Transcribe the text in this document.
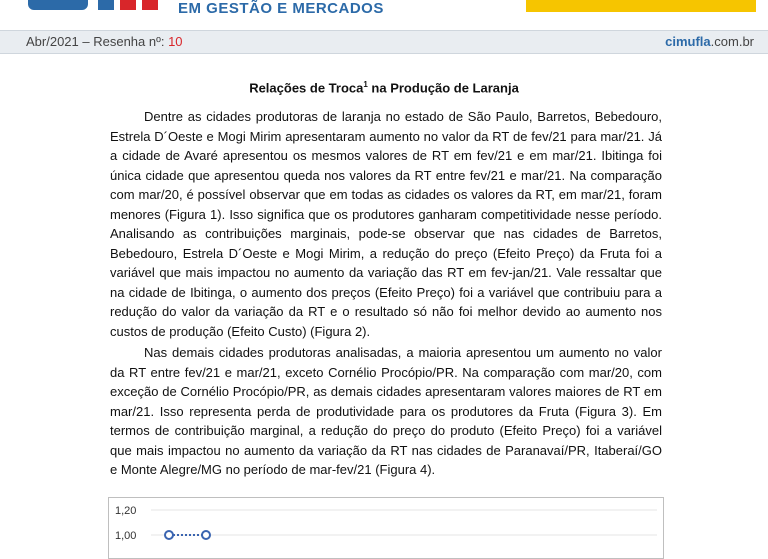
EM GESTÃO E MERCADOS
Abr/2021 – Resenha nº: 10	cimufla.com.br
Relações de Troca$^1$ na Produção de Laranja

Dentre as cidades produtoras de laranja no estado de São Paulo, Barretos, Bebedouro, Estrela D´Oeste e Mogi Mirim apresentaram aumento no valor da RT de fev/21 para mar/21. Já a cidade de Avaré apresentou os mesmos valores de RT em fev/21 e em mar/21. Ibitinga foi única cidade que apresentou queda nos valores da RT entre fev/21 e mar/21. Na comparação com mar/20, é possível observar que em todas as cidades os valores da RT, em mar/21, foram menores (Figura 1). Isso significa que os produtores ganharam competitividade nesse período. Analisando as contribuições marginais, pode-se observar que nas cidades de Barretos, Bebedouro, Estrela D´Oeste e Mogi Mirim, a redução do preço (Efeito Preço) da Fruta foi a variável que mais impactou no aumento da variação das RT em fev-jan/21. Vale ressaltar que na cidade de Ibitinga, o aumento dos preços (Efeito Preço) foi a variável que contribuiu para a redução do valor da variação da RT e o resultado só não foi melhor devido ao aumento nos custos de produção (Efeito Custo) (Figura 2).

Nas demais cidades produtoras analisadas, a maioria apresentou um aumento no valor da RT entre fev/21 e mar/21, exceto Cornélio Procópio/PR. Na comparação com mar/20, com exceção de Cornélio Procópio/PR, as demais cidades apresentaram valores maiores de RT em mar/21. Isso representa perda de produtividade para os produtores da Fruta (Figura 3). Em termos de contribuição marginal, a redução do preço do produto (Efeito Preço) foi a variável que mais impactou no aumento da variação da RT nas cidades de Paranavaí/PR, Itaberaí/GO e Monte Alegre/MG no período de mar-fev/21 (Figura 4).

1,20
1,00
